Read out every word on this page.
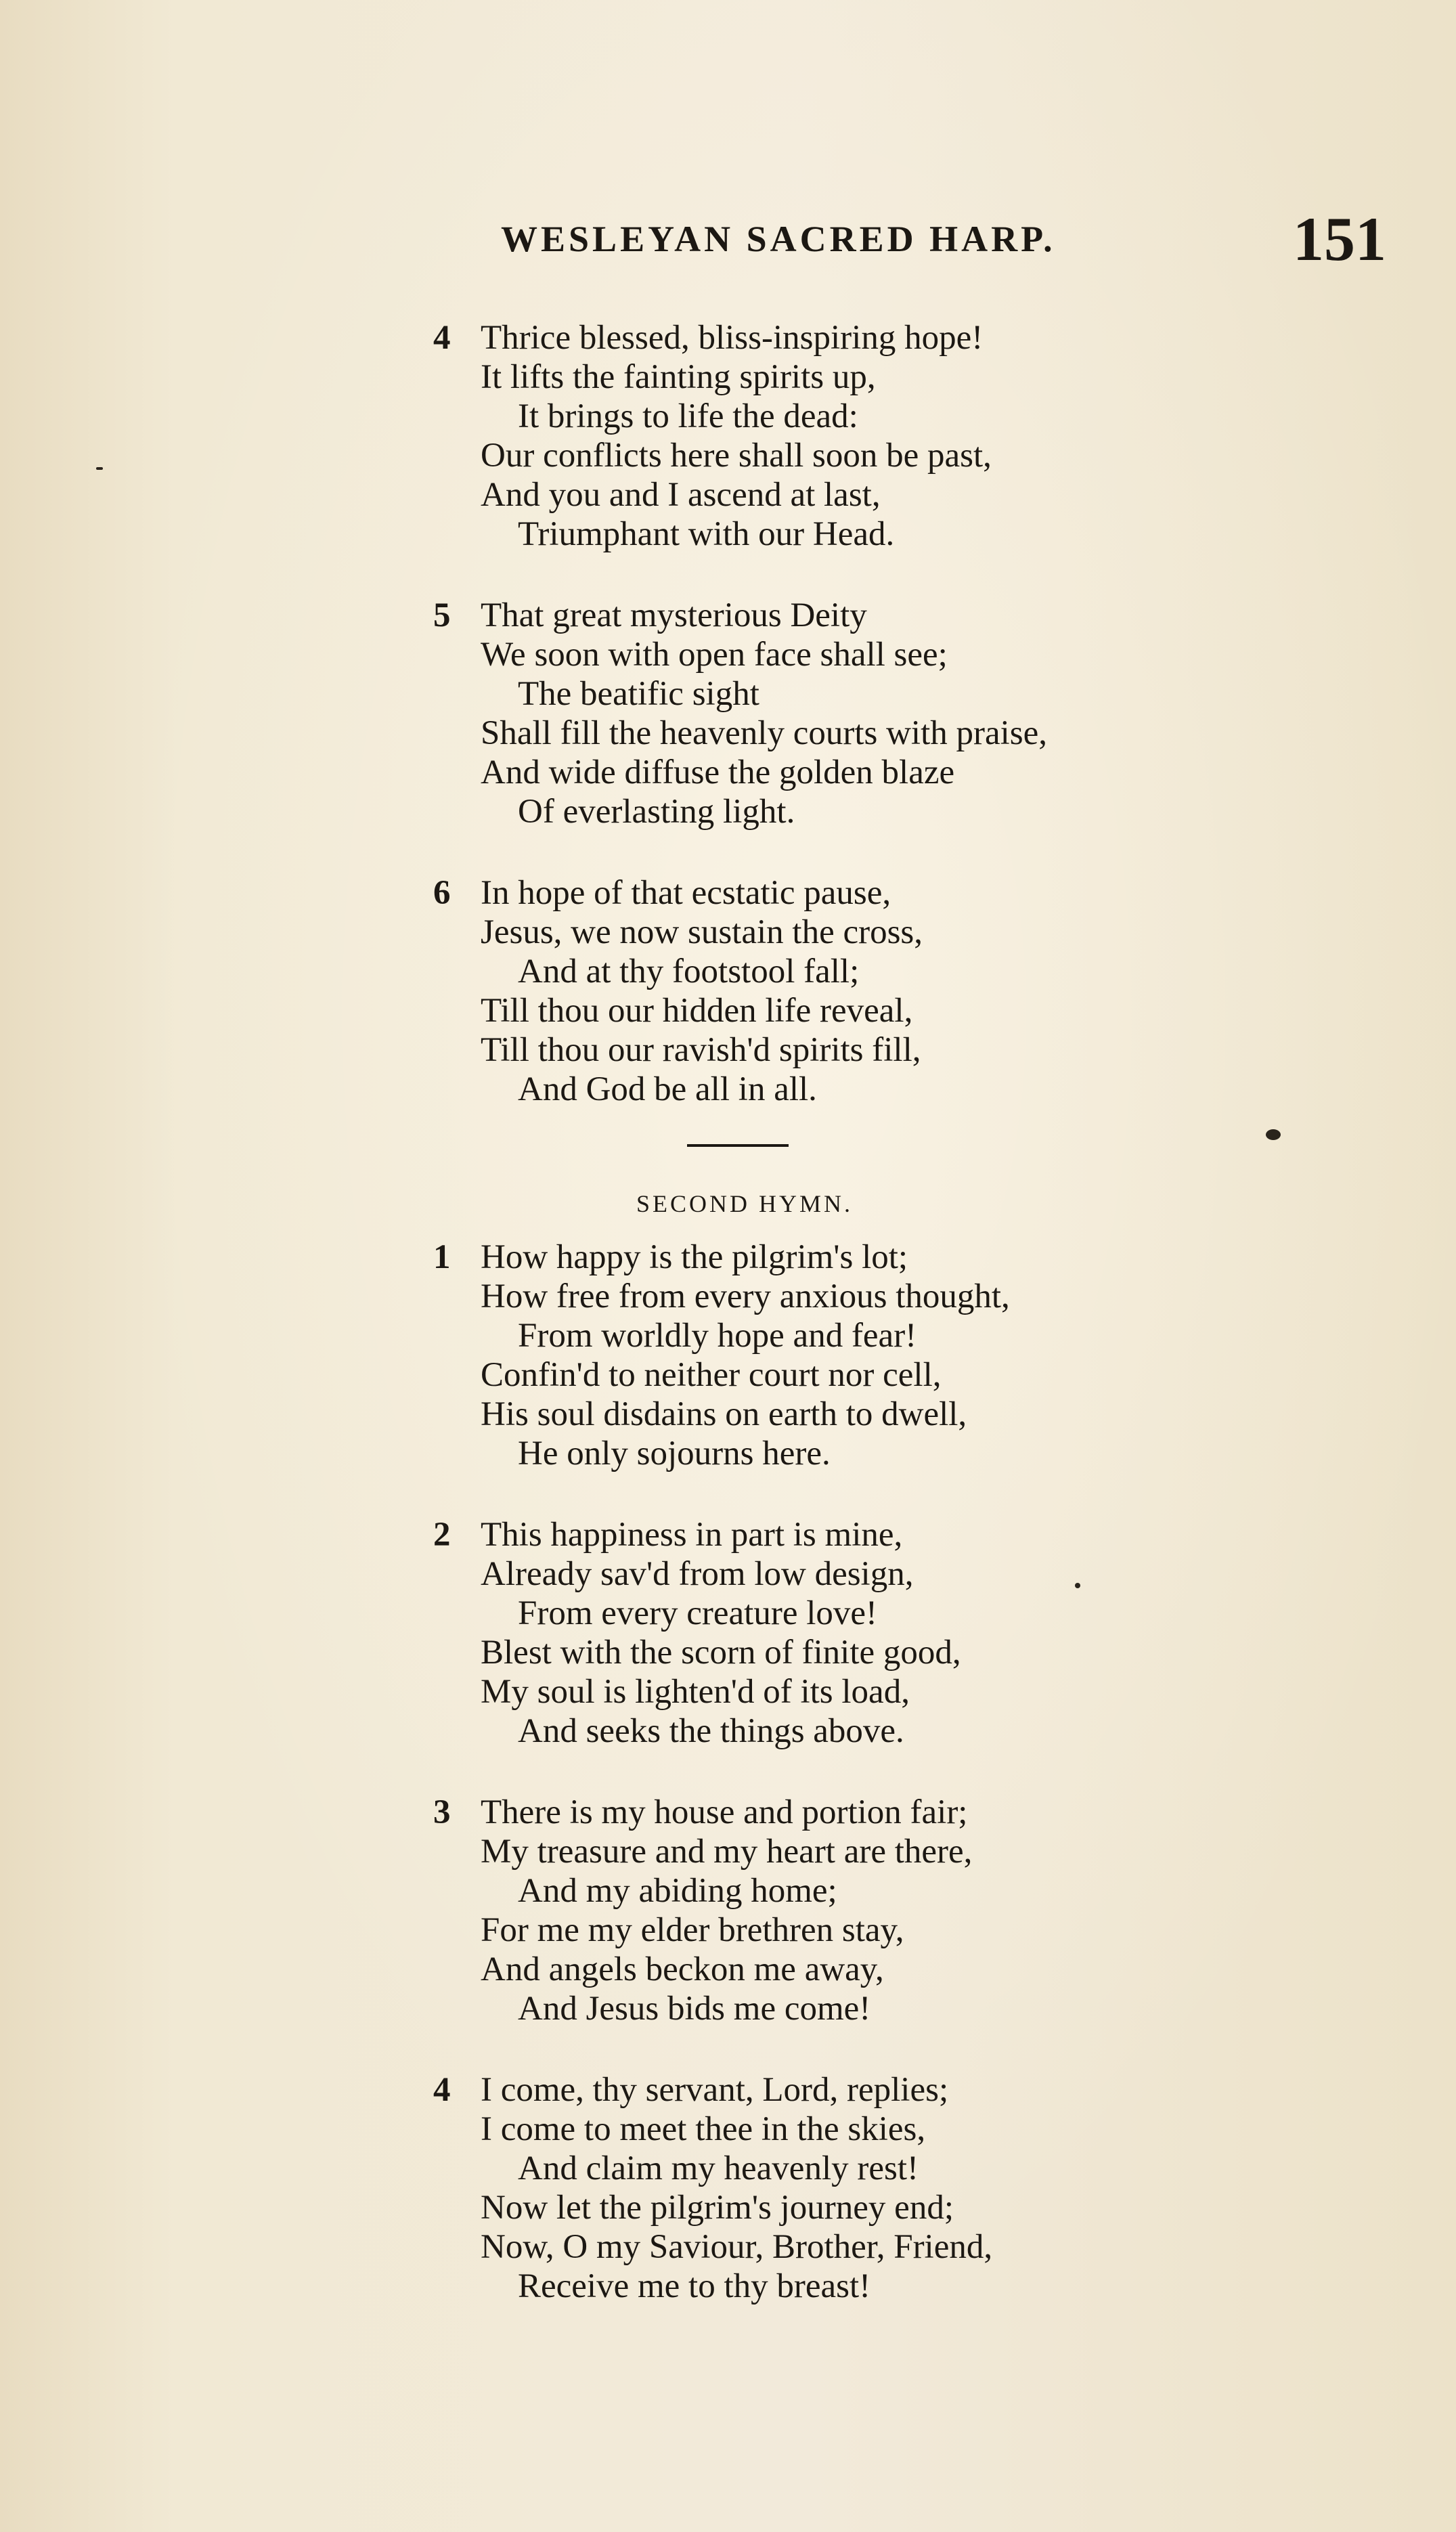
WESLEYAN SACRED HARP.	151
4 Thrice blessed, bliss-inspiring hope!
It lifts the fainting spirits up,
It brings to life the dead:
Our conflicts here shall soon be past,
And you and I ascend at last,
Triumphant with our Head.
5 That great mysterious Deity
We soon with open face shall see;
The beatific sight
Shall fill the heavenly courts with praise,
And wide diffuse the golden blaze
Of everlasting light.
6 In hope of that ecstatic pause,
Jesus, we now sustain the cross,
And at thy footstool fall;
Till thou our hidden life reveal,
Till thou our ravish'd spirits fill,
And God be all in all.
SECOND HYMN.
1 How happy is the pilgrim's lot;
How free from every anxious thought,
From worldly hope and fear!
Confin'd to neither court nor cell,
His soul disdains on earth to dwell,
He only sojourns here.
2 This happiness in part is mine,
Already sav'd from low design,
From every creature love!
Blest with the scorn of finite good,
My soul is lighten'd of its load,
And seeks the things above.
3 There is my house and portion fair;
My treasure and my heart are there,
And my abiding home;
For me my elder brethren stay,
And angels beckon me away,
And Jesus bids me come!
4 I come, thy servant, Lord, replies;
I come to meet thee in the skies,
And claim my heavenly rest!
Now let the pilgrim's journey end;
Now, O my Saviour, Brother, Friend,
Receive me to thy breast!
